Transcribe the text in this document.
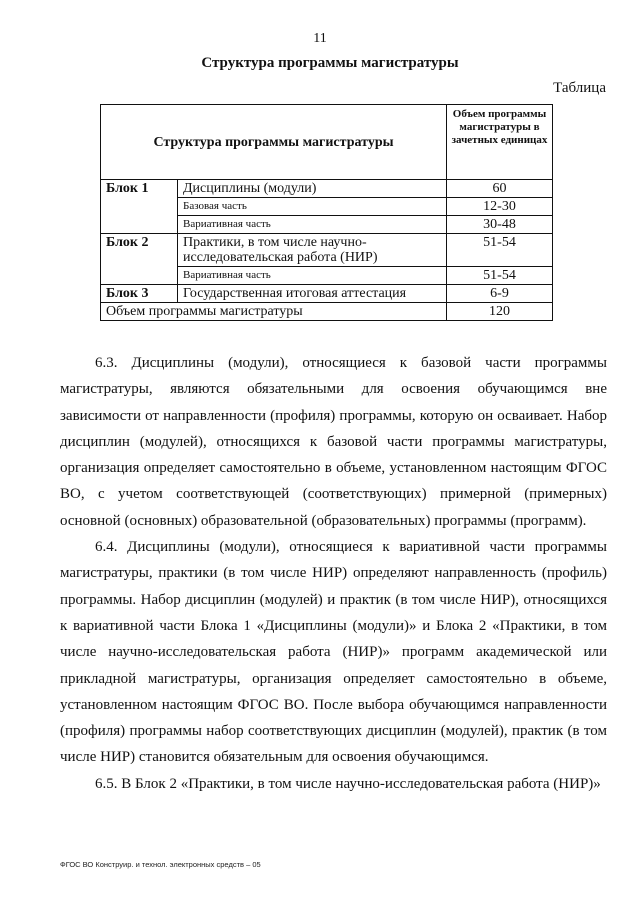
11
Структура программы магистратуры
Таблица
Структура программы магистратуры		Объем программы магистратуры в зачетных единицах
Блок 1	Дисциплины (модули)	60
	Базовая часть	12-30
	Вариативная часть	30-48
Блок 2	Практики, в том числе научно-исследовательская работа (НИР)	51-54
	Вариативная часть	51-54
Блок 3	Государственная итоговая аттестация	6-9
Объем программы магистратуры		120

6.3. Дисциплины (модули), относящиеся к базовой части программы магистратуры, являются обязательными для освоения обучающимся вне зависимости от направленности (профиля) программы, которую он осваивает. Набор дисциплин (модулей), относящихся к базовой части программы магистратуры, организация определяет самостоятельно в объеме, установленном настоящим ФГОС ВО, с учетом соответствующей (соответствующих) примерной (примерных) основной (основных) образовательной (образовательных) программы (программ).

6.4. Дисциплины (модули), относящиеся к вариативной части программы магистратуры, практики (в том числе НИР) определяют направленность (профиль) программы. Набор дисциплин (модулей) и практик (в том числе НИР), относящихся к вариативной части Блока 1 «Дисциплины (модули)» и Блока 2 «Практики, в том числе научно-исследовательская работа (НИР)» программ академической или прикладной магистратуры, организация определяет самостоятельно в объеме, установленном настоящим ФГОС ВО. После выбора обучающимся направленности (профиля) программы набор соответствующих дисциплин (модулей), практик (в том числе НИР) становится обязательным для освоения обучающимся.

6.5. В Блок 2 «Практики, в том числе научно-исследовательская работа (НИР)»

ФГОС ВО Конструир. и технол. электронных средств – 05
